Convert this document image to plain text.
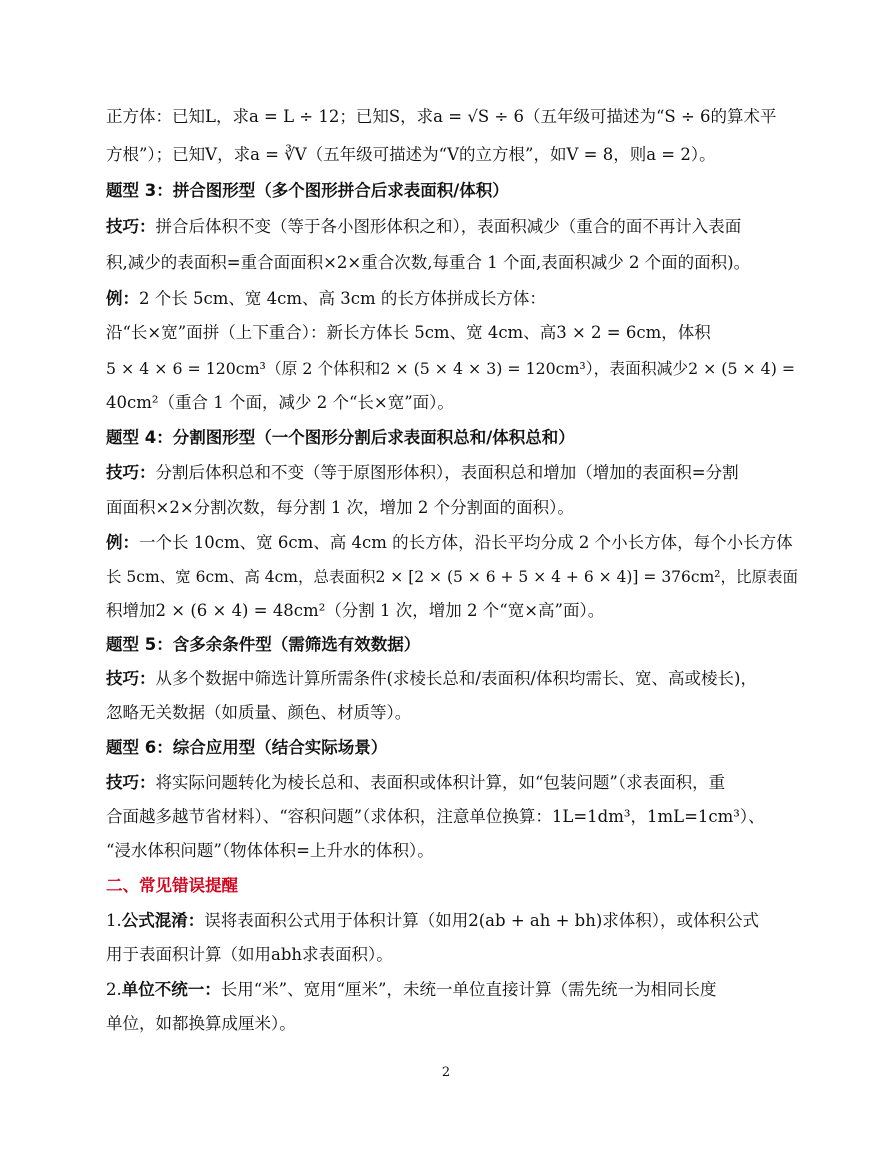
正方体：已知L，求a = L ÷ 12；已知S，求a = √S ÷ 6（五年级可描述为“S ÷ 6的算术平
方根”）；已知V，求a = ∛V（五年级可描述为“V的立方根”，如V = 8，则a = 2）。
题型 3：拼合图形型（多个图形拼合后求表面积/体积）
技巧：拼合后体积不变（等于各小图形体积之和），表面积减少（重合的面不再计入表面
积,减少的表面积=重合面面积×2×重合次数,每重合 1 个面,表面积减少 2 个面的面积)。
例：2 个长 5cm、宽 4cm、高 3cm 的长方体拼成长方体：
沿“长×宽”面拼（上下重合）：新长方体长 5cm、宽 4cm、高3 × 2 = 6cm，体积
5 × 4 × 6 = 120cm³（原 2 个体积和2 × (5 × 4 × 3) = 120cm³），表面积减少2 × (5 × 4) =
40cm²（重合 1 个面，减少 2 个“长×宽”面）。
题型 4：分割图形型（一个图形分割后求表面积总和/体积总和）
技巧：分割后体积总和不变（等于原图形体积），表面积总和增加（增加的表面积=分割
面面积×2×分割次数，每分割 1 次，增加 2 个分割面的面积）。
例：一个长 10cm、宽 6cm、高 4cm 的长方体，沿长平均分成 2 个小长方体，每个小长方体
长 5cm、宽 6cm、高 4cm，总表面积2 × [2 × (5 × 6 + 5 × 4 + 6 × 4)] = 376cm²，比原表面
积增加2 × (6 × 4) = 48cm²（分割 1 次，增加 2 个“宽×高”面）。
题型 5：含多余条件型（需筛选有效数据）
技巧：从多个数据中筛选计算所需条件(求棱长总和/表面积/体积均需长、宽、高或棱长)，
忽略无关数据（如质量、颜色、材质等）。
题型 6：综合应用型（结合实际场景）
技巧：将实际问题转化为棱长总和、表面积或体积计算，如“包装问题”（求表面积，重
合面越多越节省材料）、“容积问题”（求体积，注意单位换算：1L=1dm³，1mL=1cm³）、
“浸水体积问题”（物体体积=上升水的体积）。
二、常见错误提醒
1.公式混淆：误将表面积公式用于体积计算（如用2(ab + ah + bh)求体积），或体积公式
用于表面积计算（如用abh求表面积）。
2.单位不统一：长用“米”、宽用“厘米”，未统一单位直接计算（需先统一为相同长度
单位，如都换算成厘米）。
2
